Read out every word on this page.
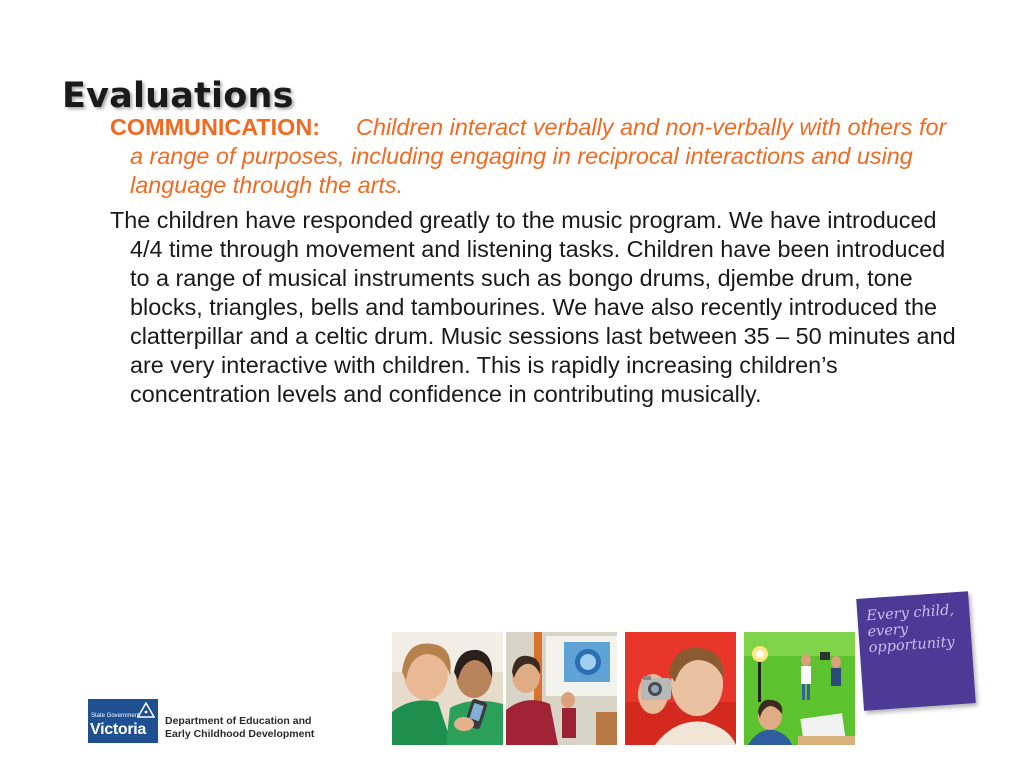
Evaluations

COMMUNICATION: Children interact verbally and non-verbally with others for a range of purposes, including engaging in reciprocal interactions and using language through the arts.

The children have responded greatly to the music program. We have introduced 4/4 time through movement and listening tasks. Children have been introduced to a range of musical instruments such as bongo drums, djembe drum, tone blocks, triangles, bells and tambourines. We have also recently introduced the clatterpillar and a celtic drum. Music sessions last between 35 – 50 minutes and are very interactive with children. This is rapidly increasing children’s concentration levels and confidence in contributing musically.

Every child, every opportunity
State Government
Victoria Department of Education and
Early Childhood Development
